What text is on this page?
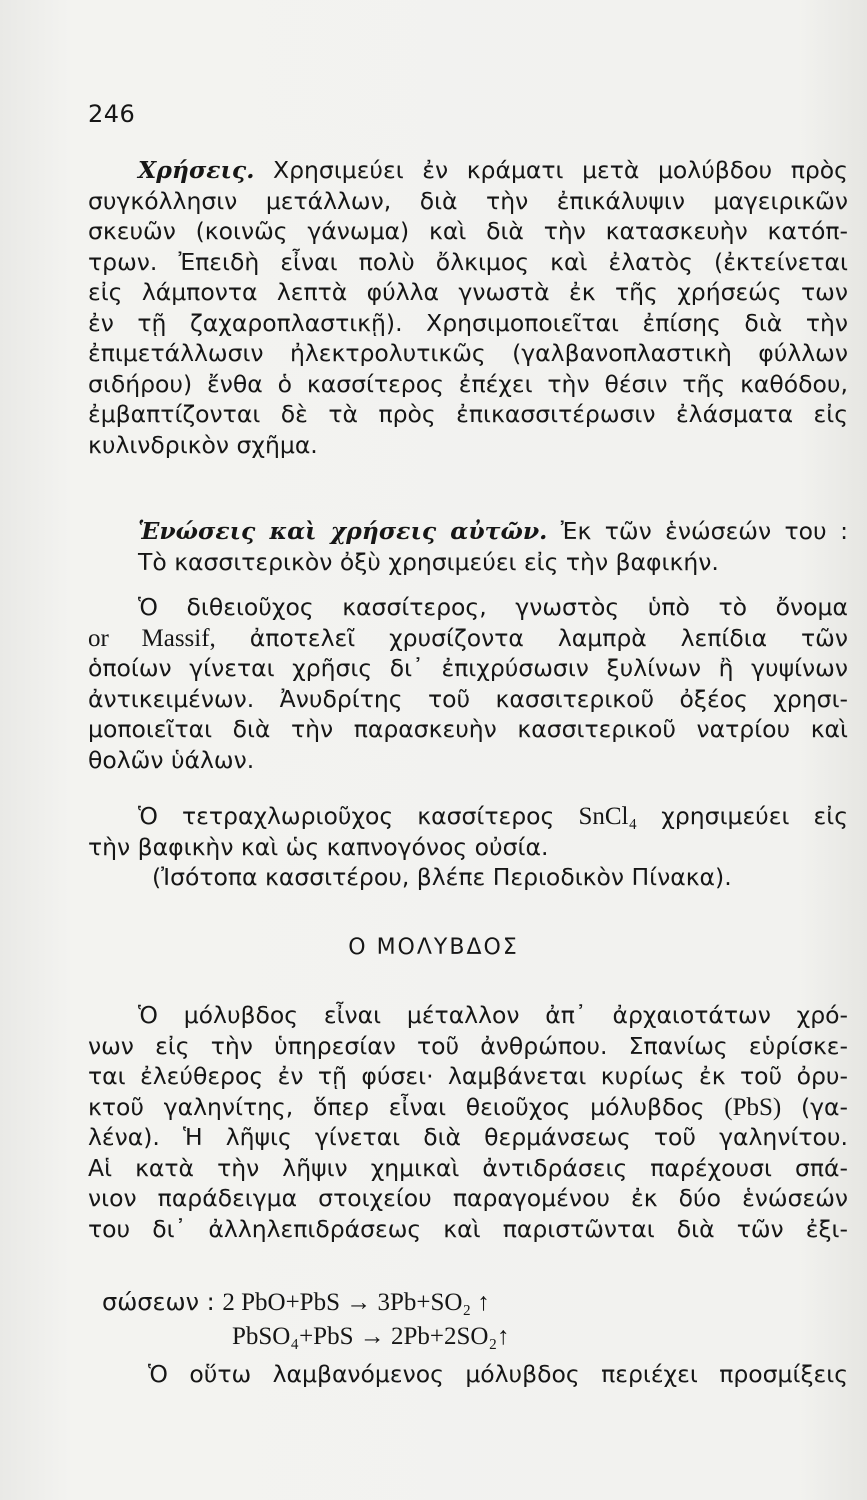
246
Χρήσεις. Χρησιμεύει ἐν κράματι μετὰ μολύβδου πρὸς
συγκόλλησιν μετάλλων, διὰ τὴν ἐπικάλυψιν μαγειρικῶν
σκευῶν (κοινῶς γάνωμα) καὶ διὰ τὴν κατασκευὴν κατόπ-
τρων. Ἐπειδὴ εἶναι πολὺ ὄλκιμος καὶ ἐλατὸς (ἐκτείνεται
εἰς λάμποντα λεπτὰ φύλλα γνωστὰ ἐκ τῆς χρήσεώς των
ἐν τῇ ζαχαροπλαστικῇ). Χρησιμοποιεῖται ἐπίσης διὰ τὴν
ἐπιμετάλλωσιν ἠλεκτρολυτικῶς (γαλβανοπλαστικὴ φύλλων
σιδήρου) ἔνθα ὁ κασσίτερος ἐπέχει τὴν θέσιν τῆς καθόδου,
ἐμβαπτίζονται δὲ τὰ πρὸς ἐπικασσιτέρωσιν ἐλάσματα εἰς
κυλινδρικὸν σχῆμα.
Ἑνώσεις καὶ χρήσεις αὐτῶν. Ἐκ τῶν ἑνώσεών του :
Τὸ κασσιτερικὸν ὀξὺ χρησιμεύει εἰς τὴν βαφικήν.
Ὁ διθειοῦχος κασσίτερος, γνωστὸς ὑπὸ τὸ ὄνομα
or Massif, ἀποτελεῖ χρυσίζοντα λαμπρὰ λεπίδια τῶν
ὁποίων γίνεται χρῆσις δι᾽ ἐπιχρύσωσιν ξυλίνων ἢ γυψίνων
ἀντικειμένων. Ἀνυδρίτης τοῦ κασσιτερικοῦ ὀξέος χρησι-
μοποιεῖται διὰ τὴν παρασκευὴν κασσιτερικοῦ νατρίου καὶ
θολῶν ὑάλων.
Ὁ τετραχλωριοῦχος κασσίτερος SnCl₄ χρησιμεύει εἰς
τὴν βαφικὴν καὶ ὡς καπνογόνος οὐσία.
(Ἰσότοπα κασσιτέρου, βλέπε Περιοδικὸν Πίνακα).
Ο ΜΟΛΥΒΔΟΣ
Ὁ μόλυβδος εἶναι μέταλλον ἀπ᾽ ἀρχαιοτάτων χρό-
νων εἰς τὴν ὑπηρεσίαν τοῦ ἀνθρώπου. Σπανίως εὑρίσκε-
ται ἐλεύθερος ἐν τῇ φύσει· λαμβάνεται κυρίως ἐκ τοῦ ὀρυ-
κτοῦ γαληνίτης, ὅπερ εἶναι θειοῦχος μόλυβδος (PbS) (γα-
λένα). Ἡ λῆψις γίνεται διὰ θερμάνσεως τοῦ γαληνίτου.
Αἱ κατὰ τὴν λῆψιν χημικαὶ ἀντιδράσεις παρέχουσι σπά-
νιον παράδειγμα στοιχείου παραγομένου ἐκ δύο ἑνώσεών
του δι᾽ ἀλληλεπιδράσεως καὶ παριστῶνται διὰ τῶν ἐξι-
σώσεων : 2 PbO+PbS → 3Pb+SO₂ ↑
PbSO₄+PbS → 2Pb+2SO₂↑
Ὁ οὕτω λαμβανόμενος μόλυβδος περιέχει προσμίξεις
